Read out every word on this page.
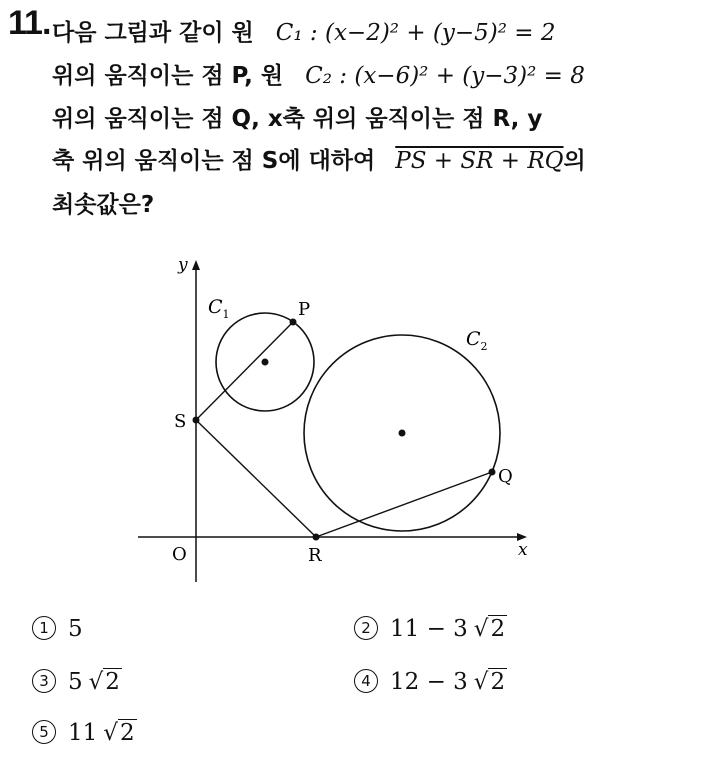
11. 다음 그림과 같이 원 C₁ : (x−2)² + (y−5)² = 2
위의 움직이는 점 P, 원 C₂ : (x−6)² + (y−3)² = 8
위의 움직이는 점 Q, x축 위의 움직이는 점 R, y
축 위의 움직이는 점 S에 대하여 PS + SR + RQ의
최솟값은?
y
x
O
$C_1$
$C_2$
P
Q
R
S
1 5	2 11 − 3 √2
3 5 √2	4 12 − 3 √2
5 11 √2
